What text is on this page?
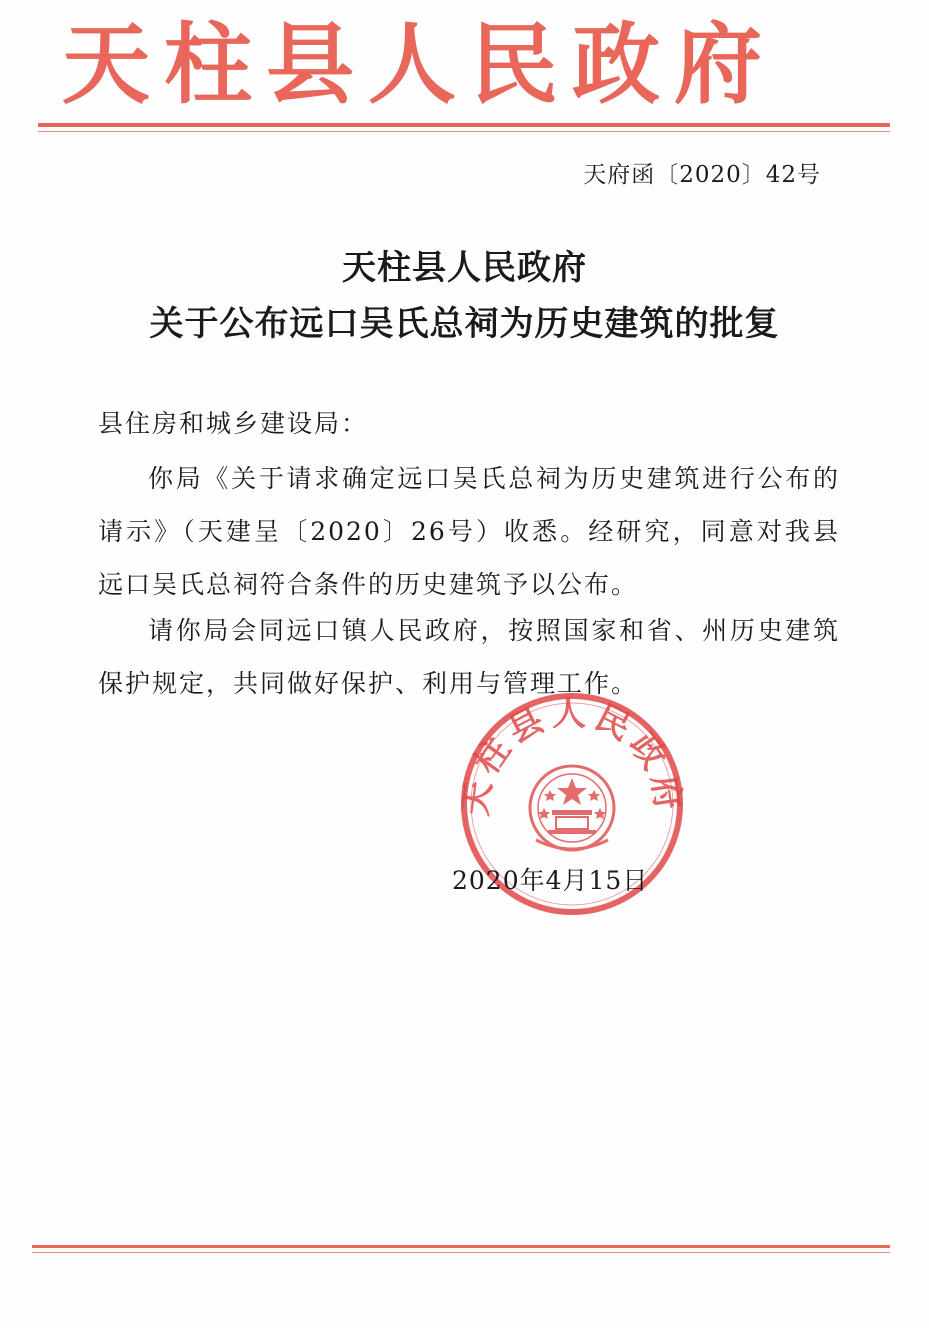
天柱县人民政府
天府函〔2020〕42号
天柱县人民政府
关于公布远口吴氏总祠为历史建筑的批复
县住房和城乡建设局：
你局《关于请求确定远口吴氏总祠为历史建筑进行公布的请示》（天建呈〔2020〕26号）收悉。经研究，同意对我县远口吴氏总祠符合条件的历史建筑予以公布。
请你局会同远口镇人民政府，按照国家和省、州历史建筑保护规定，共同做好保护、利用与管理工作。
天柱县人民政府
2020年4月15日
